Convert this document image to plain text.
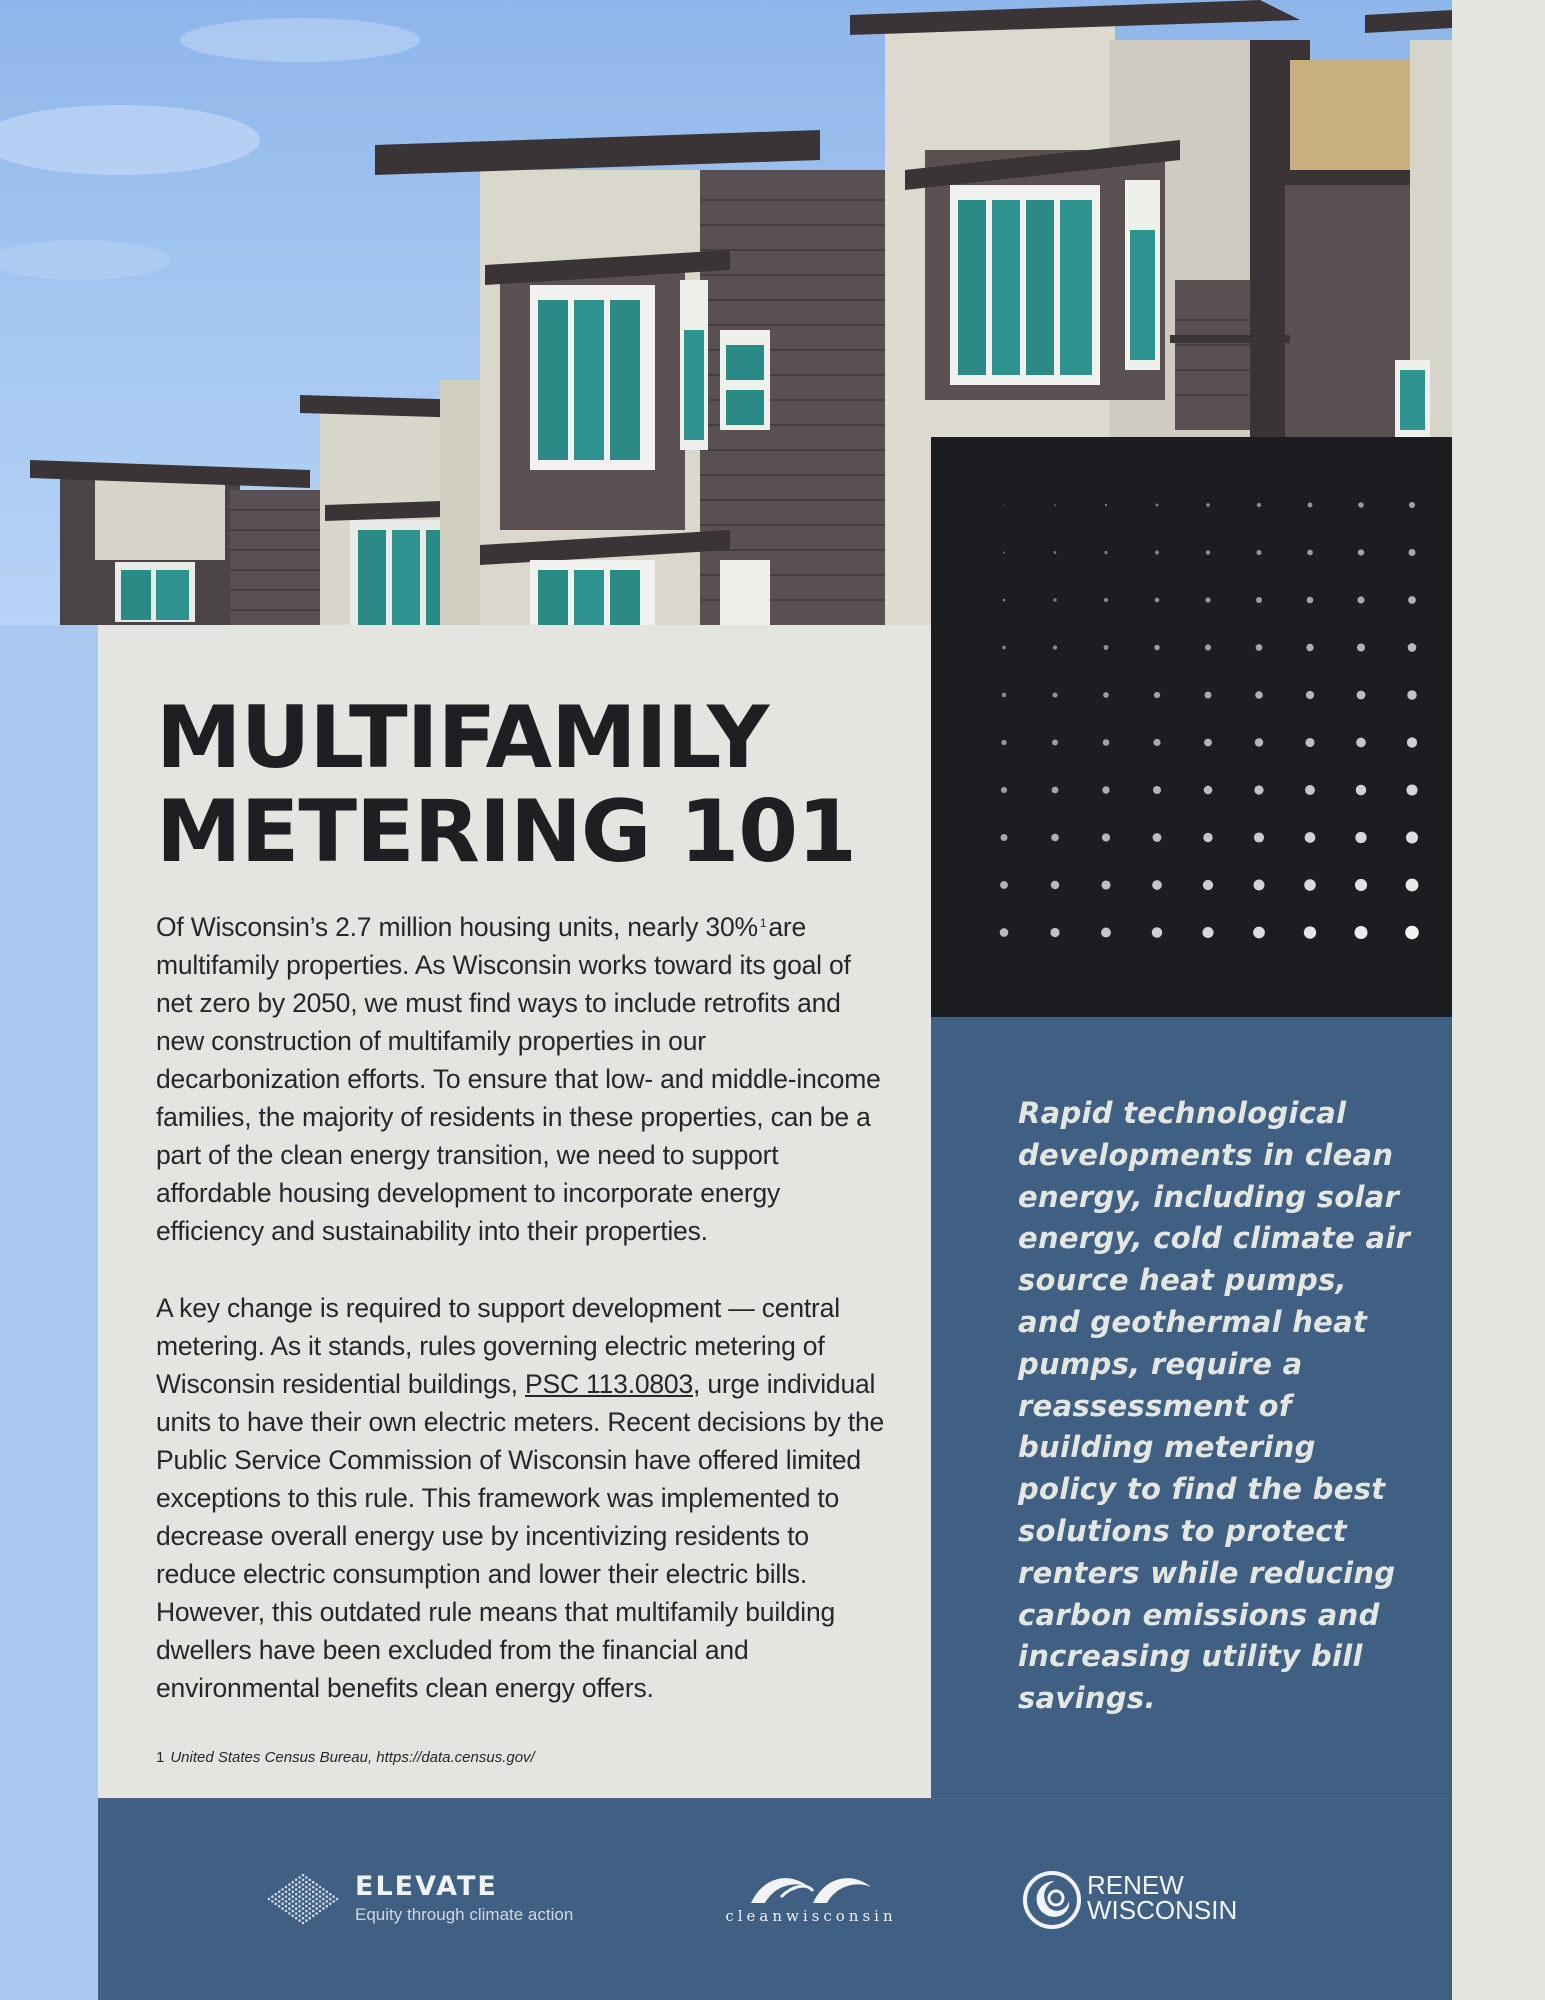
MULTIFAMILY
METERING 101

Of Wisconsin’s 2.7 million housing units, nearly 30% $^1$are multifamily properties. As Wisconsin works toward its goal of net zero by 2050, we must find ways to include retrofits and new construction of multifamily properties in our decarbonization efforts. To ensure that low- and middle-income families, the majority of residents in these properties, can be a part of the clean energy transition, we need to support affordable housing development to incorporate energy efficiency and sustainability into their properties.

A key change is required to support development — central metering. As it stands, rules governing electric metering of Wisconsin residential buildings, PSC 113.0803, urge individual units to have their own electric meters. Recent decisions by the Public Service Commission of Wisconsin have offered limited exceptions to this rule. This framework was implemented to decrease overall energy use by incentivizing residents to reduce electric consumption and lower their electric bills. However, this outdated rule means that multifamily building dwellers have been excluded from the financial and environmental benefits clean energy offers.

1 United States Census Bureau, https://data.census.gov/

Rapid technological developments in clean energy, including solar energy, cold climate air source heat pumps, and geothermal heat pumps, require a reassessment of building metering policy to find the best solutions to protect renters while reducing carbon emissions and increasing utility bill savings.

ELEVATE
Equity through climate action	cleanwisconsin
RENEW
WISCONSIN
